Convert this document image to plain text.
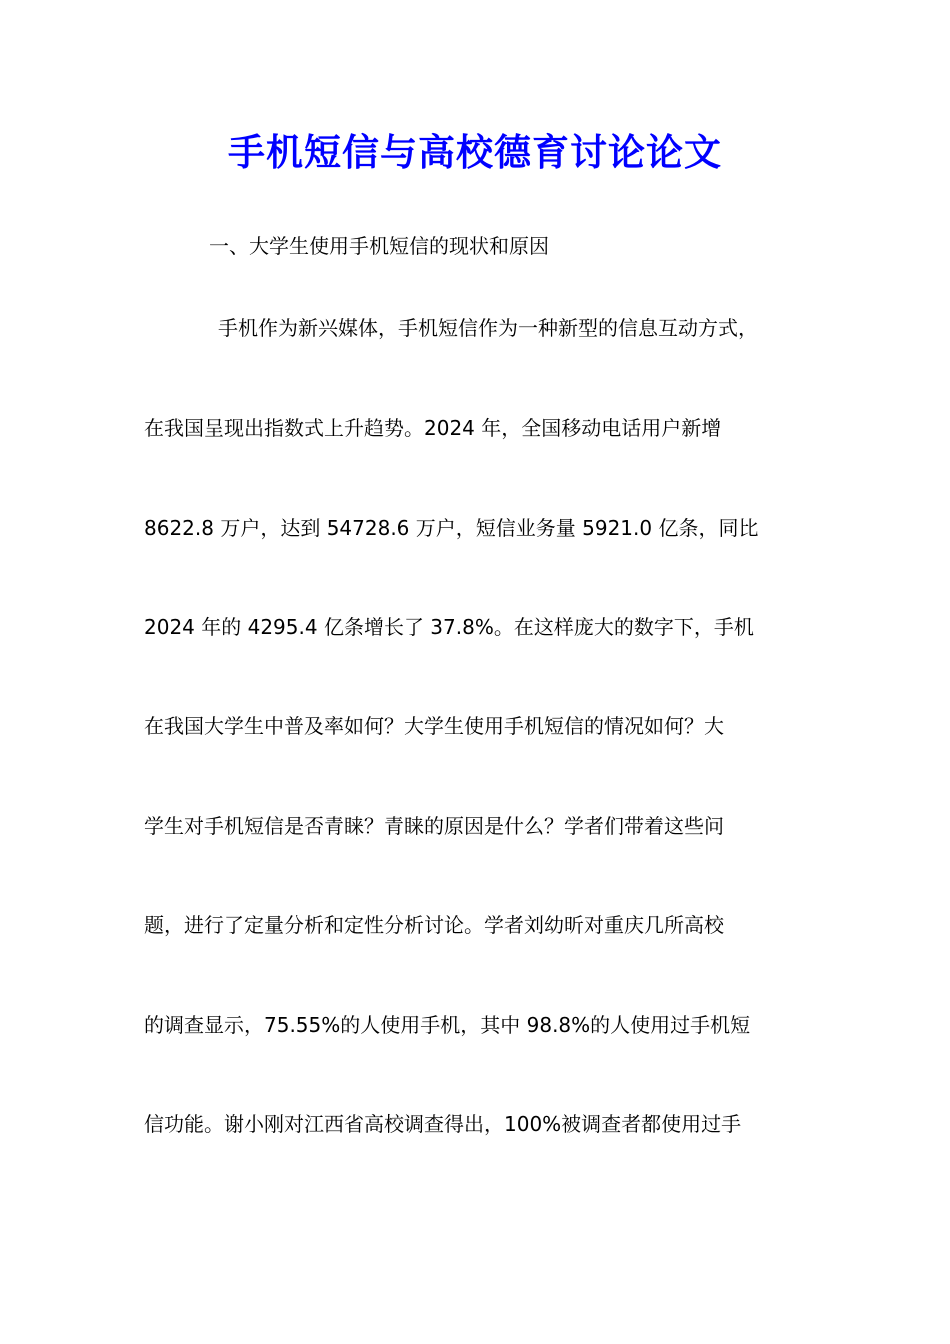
手机短信与高校德育讨论论文
一、大学生使用手机短信的现状和原因
手机作为新兴媒体，手机短信作为一种新型的信息互动方式，
在我国呈现出指数式上升趋势。2024 年，全国移动电话用户新增
8622.8 万户，达到 54728.6 万户，短信业务量 5921.0 亿条，同比
2024 年的 4295.4 亿条增长了 37.8%。在这样庞大的数字下，手机
在我国大学生中普及率如何？大学生使用手机短信的情况如何？大
学生对手机短信是否青睐？青睐的原因是什么？学者们带着这些问
题，进行了定量分析和定性分析讨论。学者刘幼昕对重庆几所高校
的调查显示，75.55%的人使用手机，其中 98.8%的人使用过手机短
信功能。谢小刚对江西省高校调查得出，100%被调查者都使用过手
